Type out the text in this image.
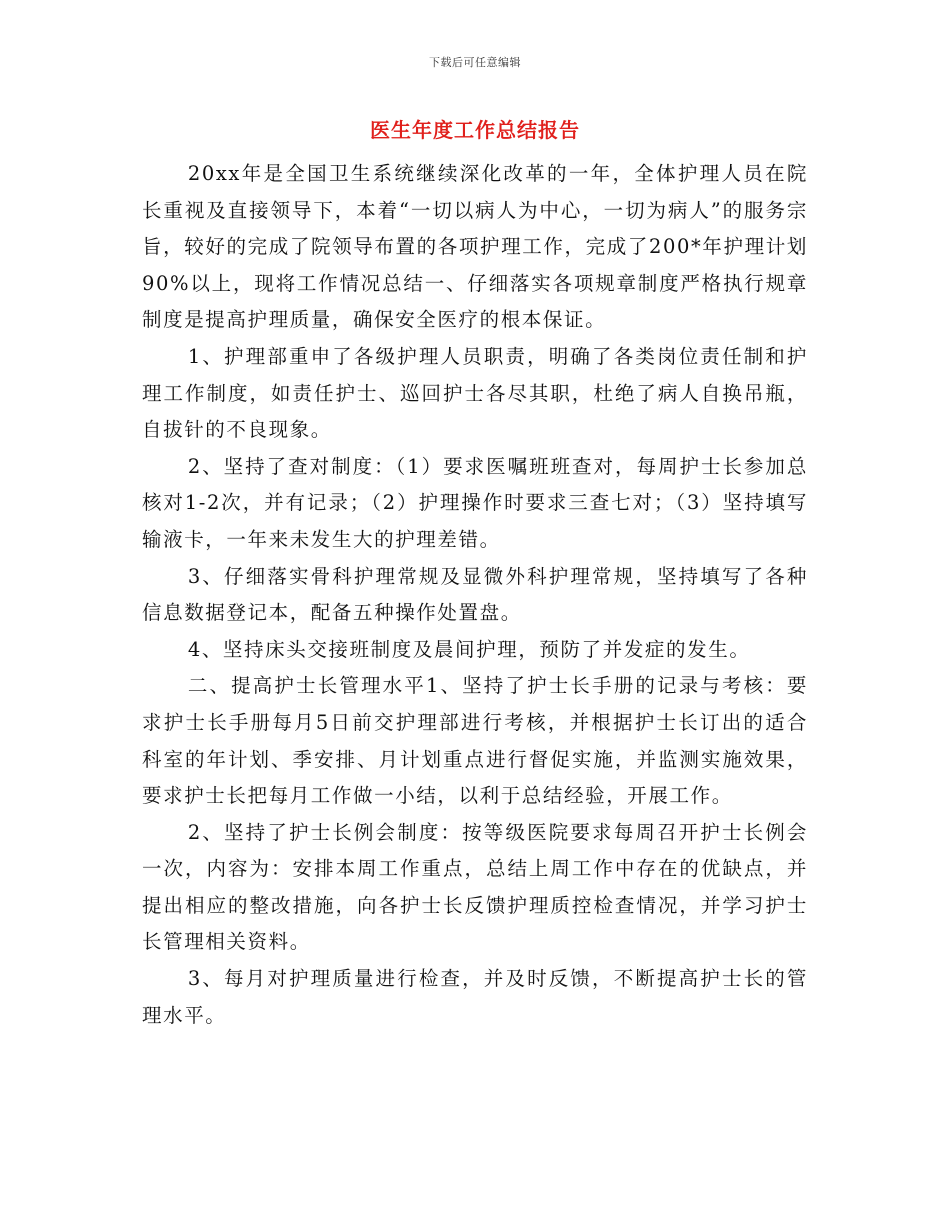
下载后可任意编辑
医生年度工作总结报告

20xx年是全国卫生系统继续深化改革的一年，全体护理人员在院长重视及直接领导下，本着“一切以病人为中心，一切为病人”的服务宗旨，较好的完成了院领导布置的各项护理工作，完成了200*年护理计划90%以上，现将工作情况总结一、仔细落实各项规章制度严格执行规章制度是提高护理质量，确保安全医疗的根本保证。

1、护理部重申了各级护理人员职责，明确了各类岗位责任制和护理工作制度，如责任护士、巡回护士各尽其职，杜绝了病人自换吊瓶，自拔针的不良现象。

2、坚持了查对制度：（1）要求医嘱班班查对，每周护士长参加总核对1-2次，并有记录；（2）护理操作时要求三查七对；（3）坚持填写输液卡，一年来未发生大的护理差错。

3、仔细落实骨科护理常规及显微外科护理常规，坚持填写了各种信息数据登记本，配备五种操作处置盘。

4、坚持床头交接班制度及晨间护理，预防了并发症的发生。

二、提高护士长管理水平1、坚持了护士长手册的记录与考核：要求护士长手册每月5日前交护理部进行考核，并根据护士长订出的适合科室的年计划、季安排、月计划重点进行督促实施，并监测实施效果，要求护士长把每月工作做一小结，以利于总结经验，开展工作。

2、坚持了护士长例会制度：按等级医院要求每周召开护士长例会一次，内容为：安排本周工作重点，总结上周工作中存在的优缺点，并提出相应的整改措施，向各护士长反馈护理质控检查情况，并学习护士长管理相关资料。

3、每月对护理质量进行检查，并及时反馈，不断提高护士长的管理水平。
